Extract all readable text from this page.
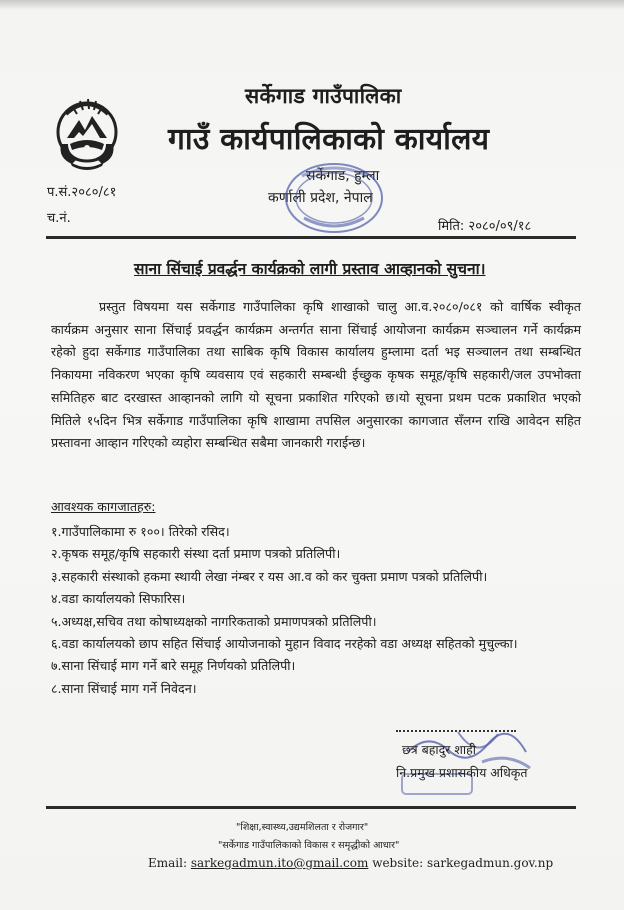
सर्केगाड गाउँपालिका
गाउँ कार्यपालिकाको कार्यालय
सर्केगाड, हुम्ला
कर्णाली प्रदेश, नेपाल
प.सं.२०८०/८१
च.नं.
मिति: २०८०/०९/१८
साना सिंचाई प्रवर्द्धन कार्यक्रको लागी प्रस्ताव आव्हानको सुचना।
प्रस्तुत विषयमा यस सर्केगाड गाउँपालिका कृषि शाखाको चालु आ.व.२०८०/०८१ को वार्षिक स्वीकृत कार्यक्रम अनुसार साना सिंचाई प्रवर्द्धन कार्यक्रम अन्तर्गत साना सिंचाई आयोजना कार्यक्रम सञ्चालन गर्ने कार्यक्रम रहेको हुदा सर्केगाड गाउँपालिका तथा साबिक कृषि विकास कार्यालय हुम्लामा दर्ता भइ सञ्चालन तथा सम्बन्धित निकायमा नविकरण भएका कृषि व्यवसाय एवं सहकारी सम्बन्धी ईच्छुक कृषक समूह/कृषि सहकारी/जल उपभोक्ता समितिहरु बाट दरखास्त आव्हानको लागि यो सूचना प्रकाशित गरिएको छ।यो सूचना प्रथम पटक प्रकाशित भएको मितिले १५दिन भित्र सर्केगाड गाउँपालिका कृषि शाखामा तपसिल अनुसारका कागजात सँलग्न राखि आवेदन सहित प्रस्तावना आव्हान गरिएको व्यहोरा सम्बन्धित सबैमा जानकारी गराईन्छ।
आवश्यक कागजातहरु:
१.गाउँपालिकामा रु १००। तिरेको रसिद।
२.कृषक समूह/कृषि सहकारी संस्था दर्ता प्रमाण पत्रको प्रतिलिपी।
३.सहकारी संस्थाको हकमा स्थायी लेखा नंम्बर र यस आ.व को कर चुक्ता प्रमाण पत्रको प्रतिलिपी।
४.वडा कार्यालयको सिफारिस।
५.अध्यक्ष,सचिव तथा कोषाध्यक्षको नागरिकताको प्रमाणपत्रको प्रतिलिपी।
६.वडा कार्यालयको छाप सहित सिंचाई आयोजनाको मुहान विवाद नरहेको वडा अध्यक्ष सहितको मुचुल्का।
७.साना सिंचाई माग गर्ने बारे समूह निर्णयको प्रतिलिपी।
८.साना सिंचाई माग गर्ने निवेदन।
छत्र बहादुर शाही
नि.प्रमुख प्रशासकीय अधिकृत
"शिक्षा,स्वास्थ्य,उद्यमशिलता र रोजगार"
"सर्केगाड गाउँपालिकाको विकास र समृद्धीको आधार"
Email: sarkegadmun.ito@gmail.com website: sarkegadmun.gov.np
